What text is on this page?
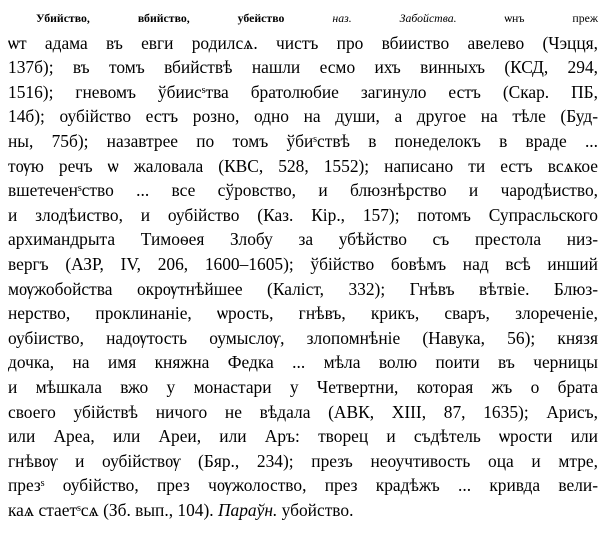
Убийство, вбийство, убейство	наз. Забойства. ѡнъ преж
ѡт адама въ евги родилсѧ. чистъ про вбииство авелево (Чэцця,
137б); въ томъ вбийствѣ нашли есмо ихъ винныхъ (КСД, 294,
1516); гневомъ ўбиисˢтва братолюбие загинуло естъ (Скар. ПБ,
14б); оубiйство естъ розно, одно на души, а другое на тѣле (Буд-
ны, 75б); назавтрее по томъ ўбиˢствѣ в понеделокъ в враде ...
тѹю речъ ѡ жаловала (КВС, 528, 1552); написано ти естъ всѧкое
вшетеченˢство ... все сўровство, и блюзнѣрство и чародѣиство,
и злодѣиство, и оубiйство (Каз. Кір., 157); потомъ Супрасльского
архимандрыта Тимоѳея Злобу за убѣйство съ престола низ-
вергъ (АЗР, IV, 206, 1600–1605); ўбiйство бовѣмъ над всѣ инший
мѹжобойства окрѹтнѣйшее (Каліст, 332); Гнѣвъ вѣтвiе. Блюз-
нерство, проклинанiе, ѡрость, гнѣвъ, крикъ, сваръ, злореченiе,
оубiиство, надѹтость оумыслѹ, злопомнѣнiе (Навука, 56); князя
дочка, на имя княжна Федка ... мѣла волю поити въ черницы
и мѣшкала вжо у монастари у Четвертни, которая жъ о брата
своего убiйствѣ ничого не вѣдала (АВК, XIII, 87, 1635); Арисъ,
или Ареа, или Ареи, или Аръ: творец и съдѣтель ѡрости или
гнѣвѹ и оубiйствѹ (Бяр., 234); презъ неоучтивость оца и мтре,
презˢ оубiйство, през чѹжолоство, през крадѣжъ ... кривда вели-
каѧ стаетˢсѧ (Зб. вып., 104). Параўн. убойство.
